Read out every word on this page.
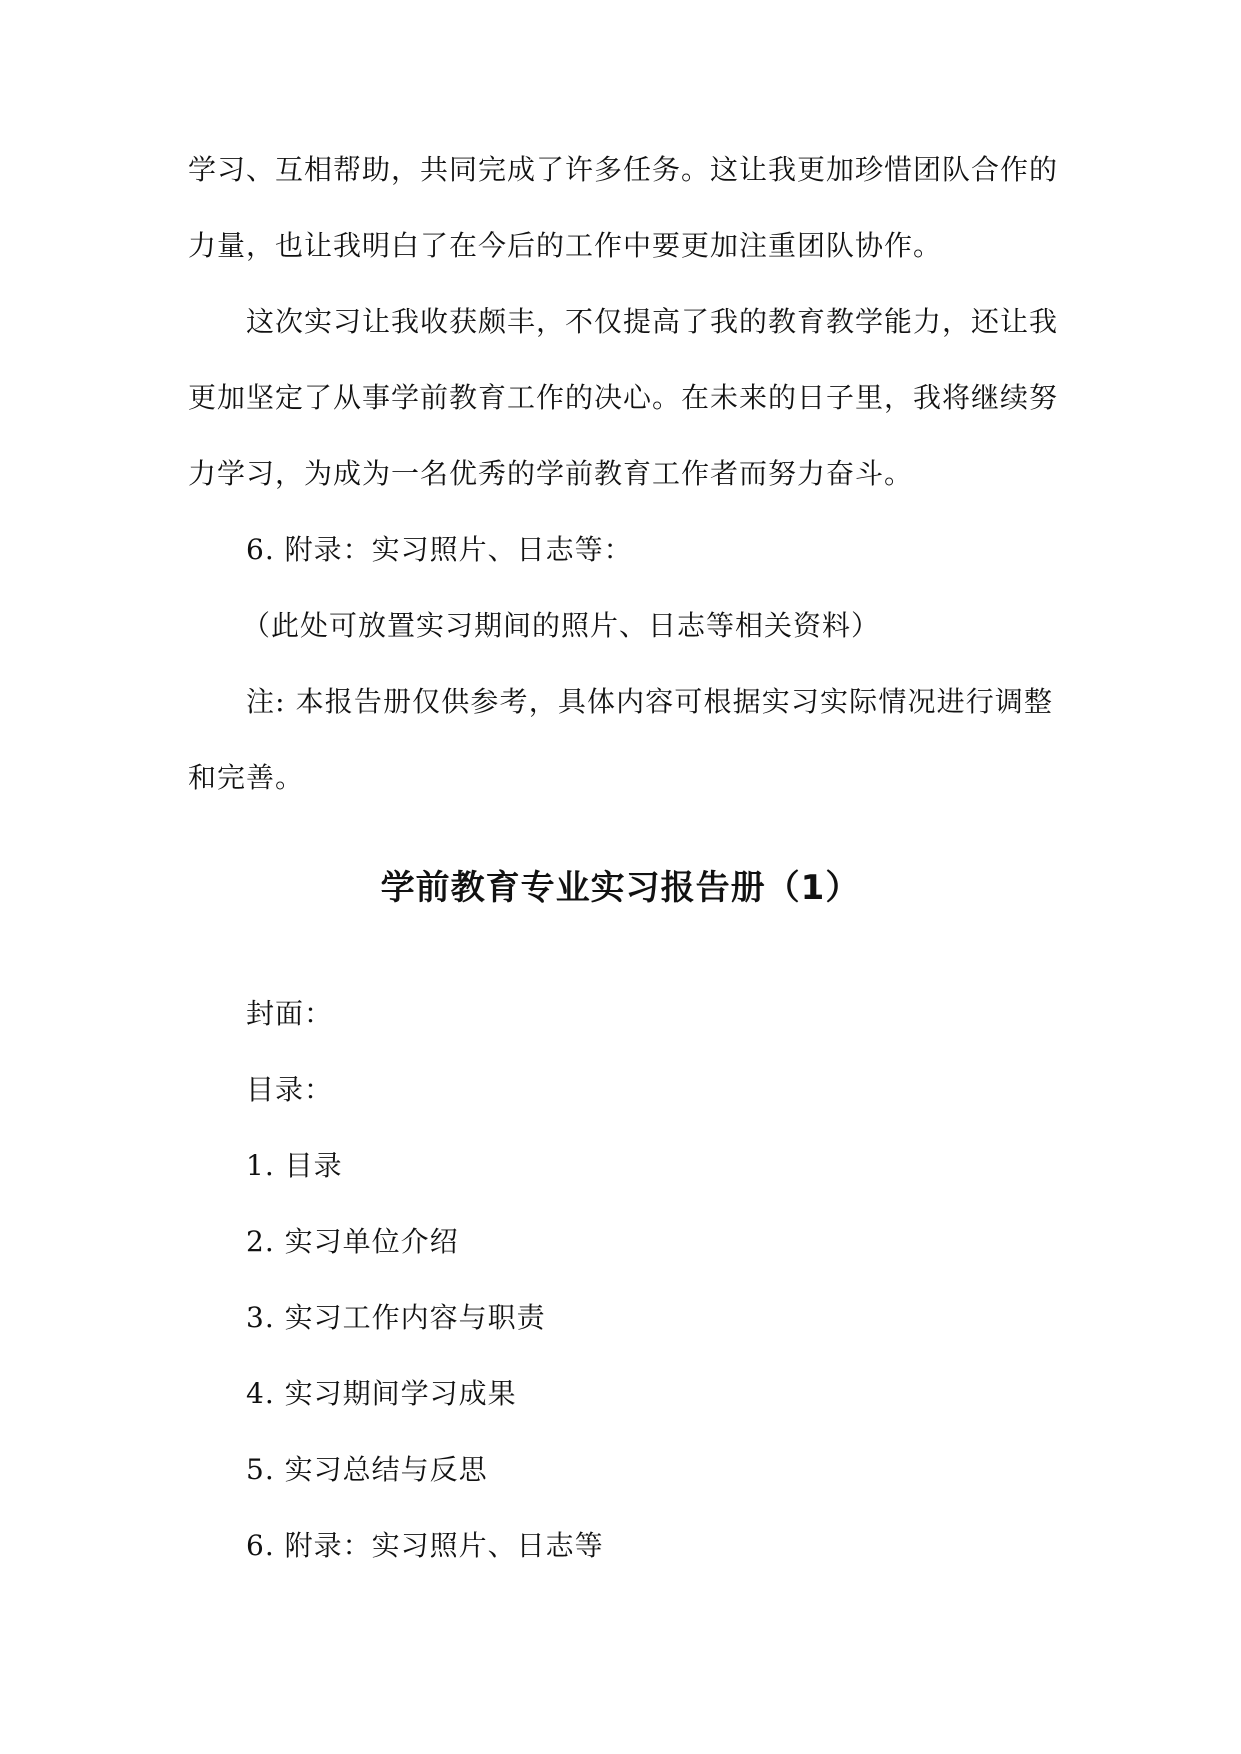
学习、互相帮助，共同完成了许多任务。这让我更加珍惜团队合作的
力量，也让我明白了在今后的工作中要更加注重团队协作。
这次实习让我收获颇丰，不仅提高了我的教育教学能力，还让我
更加坚定了从事学前教育工作的决心。在未来的日子里，我将继续努
力学习，为成为一名优秀的学前教育工作者而努力奋斗。
6. 附录：实习照片、日志等：
（此处可放置实习期间的照片、日志等相关资料）
注: 本报告册仅供参考，具体内容可根据实习实际情况进行调整
和完善。
学前教育专业实习报告册（1）
封面：
目录：
1. 目录
2. 实习单位介绍
3. 实习工作内容与职责
4. 实习期间学习成果
5. 实习总结与反思
6. 附录：实习照片、日志等
